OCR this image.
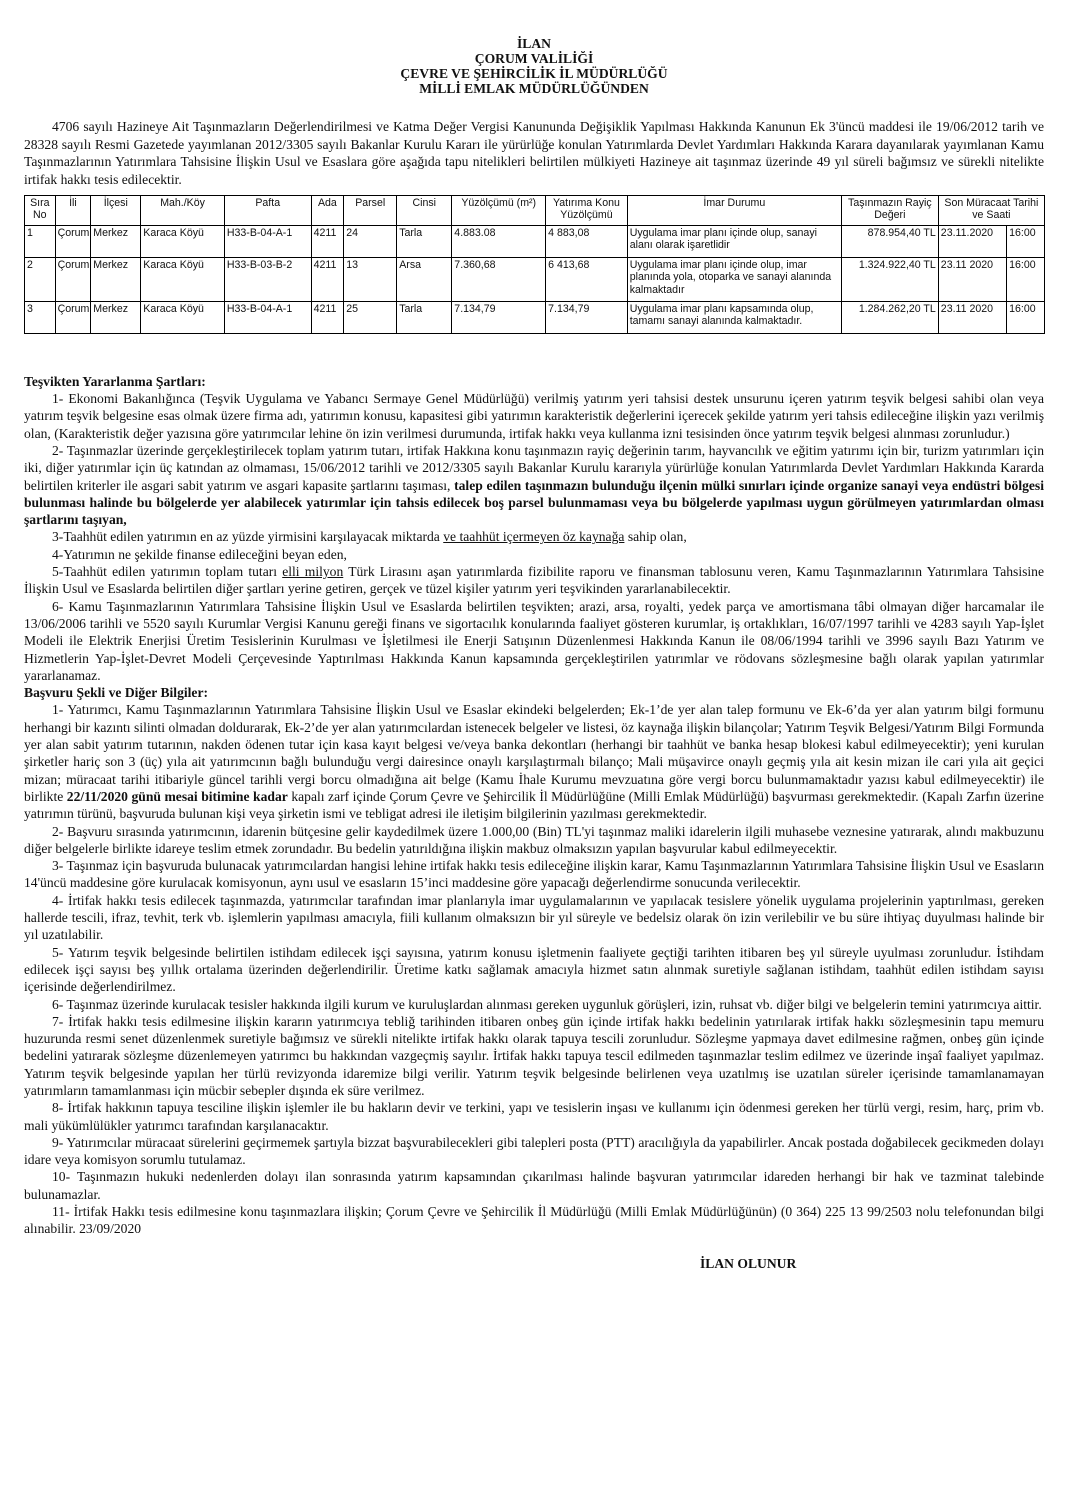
İLAN
ÇORUM VALİLİĞİ
ÇEVRE VE ŞEHİRCİLİK İL MÜDÜRLÜĞÜ
MİLLİ EMLAK MÜDÜRLÜĞÜNDEN
4706 sayılı Hazineye Ait Taşınmazların Değerlendirilmesi ve Katma Değer Vergisi Kanununda Değişiklik Yapılması Hakkında Kanunun Ek 3'üncü maddesi ile 19/06/2012 tarih ve 28328 sayılı Resmi Gazetede yayımlanan 2012/3305 sayılı Bakanlar Kurulu Kararı ile yürürlüğe konulan Yatırımlarda Devlet Yardımları Hakkında Karara dayanılarak yayımlanan Kamu Taşınmazlarının Yatırımlara Tahsisine İlişkin Usul ve Esaslara göre aşağıda tapu nitelikleri belirtilen mülkiyeti Hazineye ait taşınmaz üzerinde 49 yıl süreli bağımsız ve sürekli nitelikte irtifak hakkı tesis edilecektir.
Sıra No	İli	İlçesi	Mah./Köy	Pafta	Ada	Parsel	Cinsi	Yüzölçümü (m²)	Yatırıma Konu Yüzölçümü	İmar Durumu	Taşınmazın Rayiç Değeri	Son Müracaat Tarihi ve Saati	
1	Çorum	Merkez	Karaca Köyü	H33-B-04-A-1	4211	24	Tarla	4.883.08	4 883,08	Uygulama imar planı içinde olup, sanayi alanı olarak işaretlidir	878.954,40 TL	23.11.2020	16:00
2	Çorum	Merkez	Karaca Köyü	H33-B-03-B-2	4211	13	Arsa	7.360,68	6 413,68	Uygulama imar planı içinde olup, imar planında yola, otoparka ve sanayi alanında kalmaktadır	1.324.922,40 TL	23.11 2020	16:00
3	Çorum	Merkez	Karaca Köyü	H33-B-04-A-1	4211	25	Tarla	7.134,79	7.134,79	Uygulama imar planı kapsamında olup, tamamı sanayi alanında kalmaktadır.	1.284.262,20 TL	23.11 2020	16:00

Teşvikten Yararlanma Şartları:

1- Ekonomi Bakanlığınca (Teşvik Uygulama ve Yabancı Sermaye Genel Müdürlüğü) verilmiş yatırım yeri tahsisi destek unsurunu içeren yatırım teşvik belgesi sahibi olan veya yatırım teşvik belgesine esas olmak üzere firma adı, yatırımın konusu, kapasitesi gibi yatırımın karakteristik değerlerini içerecek şekilde yatırım yeri tahsis edileceğine ilişkin yazı verilmiş olan, (Karakteristik değer yazısına göre yatırımcılar lehine ön izin verilmesi durumunda, irtifak hakkı veya kullanma izni tesisinden önce yatırım teşvik belgesi alınması zorunludur.)

2- Taşınmazlar üzerinde gerçekleştirilecek toplam yatırım tutarı, irtifak Hakkına konu taşınmazın rayiç değerinin tarım, hayvancılık ve eğitim yatırımı için bir, turizm yatırımları için iki, diğer yatırımlar için üç katından az olmaması, 15/06/2012 tarihli ve 2012/3305 sayılı Bakanlar Kurulu kararıyla yürürlüğe konulan Yatırımlarda Devlet Yardımları Hakkında Kararda belirtilen kriterler ile asgari sabit yatırım ve asgari kapasite şartlarını taşıması, talep edilen taşınmazın bulunduğu ilçenin mülki sınırları içinde organize sanayi veya endüstri bölgesi bulunması halinde bu bölgelerde yer alabilecek yatırımlar için tahsis edilecek boş parsel bulunmaması veya bu bölgelerde yapılması uygun görülmeyen yatırımlardan olması şartlarını taşıyan,

3-Taahhüt edilen yatırımın en az yüzde yirmisini karşılayacak miktarda ve taahhüt içermeyen öz kaynağa sahip olan,

4-Yatırımın ne şekilde finanse edileceğini beyan eden,

5-Taahhüt edilen yatırımın toplam tutarı elli milyon Türk Lirasını aşan yatırımlarda fizibilite raporu ve finansman tablosunu veren, Kamu Taşınmazlarının Yatırımlara Tahsisine İlişkin Usul ve Esaslarda belirtilen diğer şartları yerine getiren, gerçek ve tüzel kişiler yatırım yeri teşvikinden yararlanabilecektir.

6- Kamu Taşınmazlarının Yatırımlara Tahsisine İlişkin Usul ve Esaslarda belirtilen teşvikten; arazi, arsa, royalti, yedek parça ve amortismana tâbi olmayan diğer harcamalar ile 13/06/2006 tarihli ve 5520 sayılı Kurumlar Vergisi Kanunu gereği finans ve sigortacılık konularında faaliyet gösteren kurumlar, iş ortaklıkları, 16/07/1997 tarihli ve 4283 sayılı Yap-İşlet Modeli ile Elektrik Enerjisi Üretim Tesislerinin Kurulması ve İşletilmesi ile Enerji Satışının Düzenlenmesi Hakkında Kanun ile 08/06/1994 tarihli ve 3996 sayılı Bazı Yatırım ve Hizmetlerin Yap-İşlet-Devret Modeli Çerçevesinde Yaptırılması Hakkında Kanun kapsamında gerçekleştirilen yatırımlar ve rödovans sözleşmesine bağlı olarak yapılan yatırımlar yararlanamaz.

Başvuru Şekli ve Diğer Bilgiler:

1- Yatırımcı, Kamu Taşınmazlarının Yatırımlara Tahsisine İlişkin Usul ve Esaslar ekindeki belgelerden; Ek-1’de yer alan talep formunu ve Ek-6’da yer alan yatırım bilgi formunu herhangi bir kazıntı silinti olmadan doldurarak, Ek-2’de yer alan yatırımcılardan istenecek belgeler ve listesi, öz kaynağa ilişkin bilançolar; Yatırım Teşvik Belgesi/Yatırım Bilgi Formunda yer alan sabit yatırım tutarının, nakden ödenen tutar için kasa kayıt belgesi ve/veya banka dekontları (herhangi bir taahhüt ve banka hesap blokesi kabul edilmeyecektir); yeni kurulan şirketler hariç son 3 (üç) yıla ait yatırımcının bağlı bulunduğu vergi dairesince onaylı karşılaştırmalı bilanço; Mali müşavirce onaylı geçmiş yıla ait kesin mizan ile cari yıla ait geçici mizan; müracaat tarihi itibariyle güncel tarihli vergi borcu olmadığına ait belge (Kamu İhale Kurumu mevzuatına göre vergi borcu bulunmamaktadır yazısı kabul edilmeyecektir) ile birlikte 22/11/2020 günü mesai bitimine kadar kapalı zarf içinde Çorum Çevre ve Şehircilik İl Müdürlüğüne (Milli Emlak Müdürlüğü) başvurması gerekmektedir. (Kapalı Zarfın üzerine yatırımın türünü, başvuruda bulunan kişi veya şirketin ismi ve tebligat adresi ile iletişim bilgilerinin yazılması gerekmektedir.

2- Başvuru sırasında yatırımcının, idarenin bütçesine gelir kaydedilmek üzere 1.000,00 (Bin) TL'yi taşınmaz maliki idarelerin ilgili muhasebe veznesine yatırarak, alındı makbuzunu diğer belgelerle birlikte idareye teslim etmek zorundadır. Bu bedelin yatırıldığına ilişkin makbuz olmaksızın yapılan başvurular kabul edilmeyecektir.

3- Taşınmaz için başvuruda bulunacak yatırımcılardan hangisi lehine irtifak hakkı tesis edileceğine ilişkin karar, Kamu Taşınmazlarının Yatırımlara Tahsisine İlişkin Usul ve Esasların 14'üncü maddesine göre kurulacak komisyonun, aynı usul ve esasların 15’inci maddesine göre yapacağı değerlendirme sonucunda verilecektir.

4- İrtifak hakkı tesis edilecek taşınmazda, yatırımcılar tarafından imar planlarıyla imar uygulamalarının ve yapılacak tesislere yönelik uygulama projelerinin yaptırılması, gereken hallerde tescili, ifraz, tevhit, terk vb. işlemlerin yapılması amacıyla, fiili kullanım olmaksızın bir yıl süreyle ve bedelsiz olarak ön izin verilebilir ve bu süre ihtiyaç duyulması halinde bir yıl uzatılabilir.

5- Yatırım teşvik belgesinde belirtilen istihdam edilecek işçi sayısına, yatırım konusu işletmenin faaliyete geçtiği tarihten itibaren beş yıl süreyle uyulması zorunludur. İstihdam edilecek işçi sayısı beş yıllık ortalama üzerinden değerlendirilir. Üretime katkı sağlamak amacıyla hizmet satın alınmak suretiyle sağlanan istihdam, taahhüt edilen istihdam sayısı içerisinde değerlendirilmez.

6- Taşınmaz üzerinde kurulacak tesisler hakkında ilgili kurum ve kuruluşlardan alınması gereken uygunluk görüşleri, izin, ruhsat vb. diğer bilgi ve belgelerin temini yatırımcıya aittir.

7- İrtifak hakkı tesis edilmesine ilişkin kararın yatırımcıya tebliğ tarihinden itibaren onbeş gün içinde irtifak hakkı bedelinin yatırılarak irtifak hakkı sözleşmesinin tapu memuru huzurunda resmi senet düzenlenmek suretiyle bağımsız ve sürekli nitelikte irtifak hakkı olarak tapuya tescili zorunludur. Sözleşme yapmaya davet edilmesine rağmen, onbeş gün içinde bedelini yatırarak sözleşme düzenlemeyen yatırımcı bu hakkından vazgeçmiş sayılır. İrtifak hakkı tapuya tescil edilmeden taşınmazlar teslim edilmez ve üzerinde inşaî faaliyet yapılmaz. Yatırım teşvik belgesinde yapılan her türlü revizyonda idaremize bilgi verilir. Yatırım teşvik belgesinde belirlenen veya uzatılmış ise uzatılan süreler içerisinde tamamlanamayan yatırımların tamamlanması için mücbir sebepler dışında ek süre verilmez.

8- İrtifak hakkının tapuya tesciline ilişkin işlemler ile bu hakların devir ve terkini, yapı ve tesislerin inşası ve kullanımı için ödenmesi gereken her türlü vergi, resim, harç, prim vb. mali yükümlülükler yatırımcı tarafından karşılanacaktır.

9- Yatırımcılar müracaat sürelerini geçirmemek şartıyla bizzat başvurabilecekleri gibi talepleri posta (PTT) aracılığıyla da yapabilirler. Ancak postada doğabilecek gecikmeden dolayı idare veya komisyon sorumlu tutulamaz.

10- Taşınmazın hukuki nedenlerden dolayı ilan sonrasında yatırım kapsamından çıkarılması halinde başvuran yatırımcılar idareden herhangi bir hak ve tazminat talebinde bulunamazlar.

11- İrtifak Hakkı tesis edilmesine konu taşınmazlara ilişkin; Çorum Çevre ve Şehircilik İl Müdürlüğü (Milli Emlak Müdürlüğünün) (0 364) 225 13 99/2503 nolu telefonundan bilgi alınabilir. 23/09/2020

İLAN OLUNUR
